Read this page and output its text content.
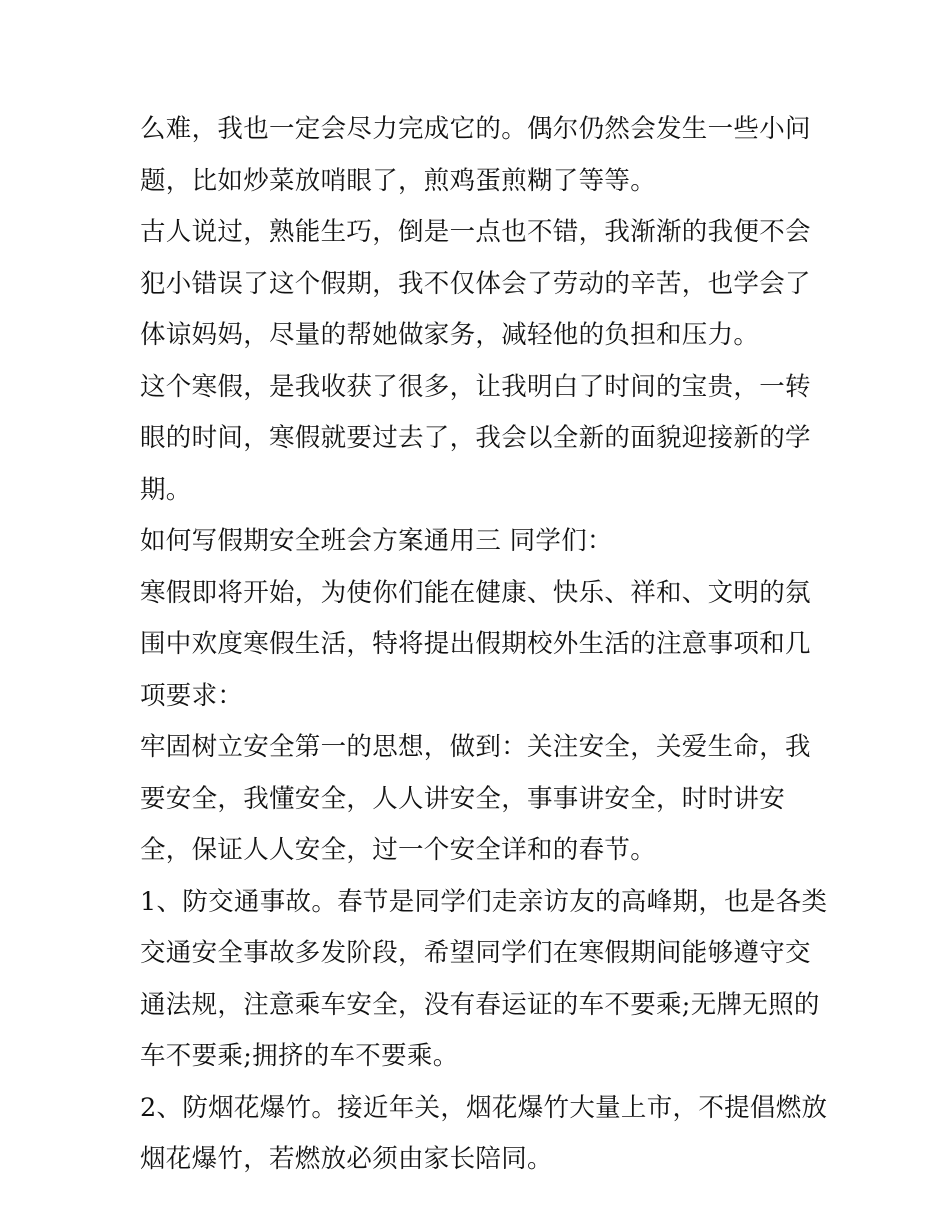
么难，我也一定会尽力完成它的。偶尔仍然会发生一些小问题，比如炒菜放哨眼了，煎鸡蛋煎糊了等等。

古人说过，熟能生巧，倒是一点也不错，我渐渐的我便不会犯小错误了这个假期，我不仅体会了劳动的辛苦，也学会了体谅妈妈，尽量的帮她做家务，减轻他的负担和压力。

这个寒假，是我收获了很多，让我明白了时间的宝贵，一转眼的时间，寒假就要过去了，我会以全新的面貌迎接新的学期。

如何写假期安全班会方案通用三 同学们：

寒假即将开始，为使你们能在健康、快乐、祥和、文明的氛围中欢度寒假生活，特将提出假期校外生活的注意事项和几项要求：

牢固树立安全第一的思想，做到：关注安全，关爱生命，我要安全，我懂安全，人人讲安全，事事讲安全，时时讲安全，保证人人安全，过一个安全详和的春节。

1、防交通事故。春节是同学们走亲访友的高峰期，也是各类交通安全事故多发阶段，希望同学们在寒假期间能够遵守交通法规，注意乘车安全，没有春运证的车不要乘;无牌无照的车不要乘;拥挤的车不要乘。

2、防烟花爆竹。接近年关，烟花爆竹大量上市，不提倡燃放烟花爆竹，若燃放必须由家长陪同。
